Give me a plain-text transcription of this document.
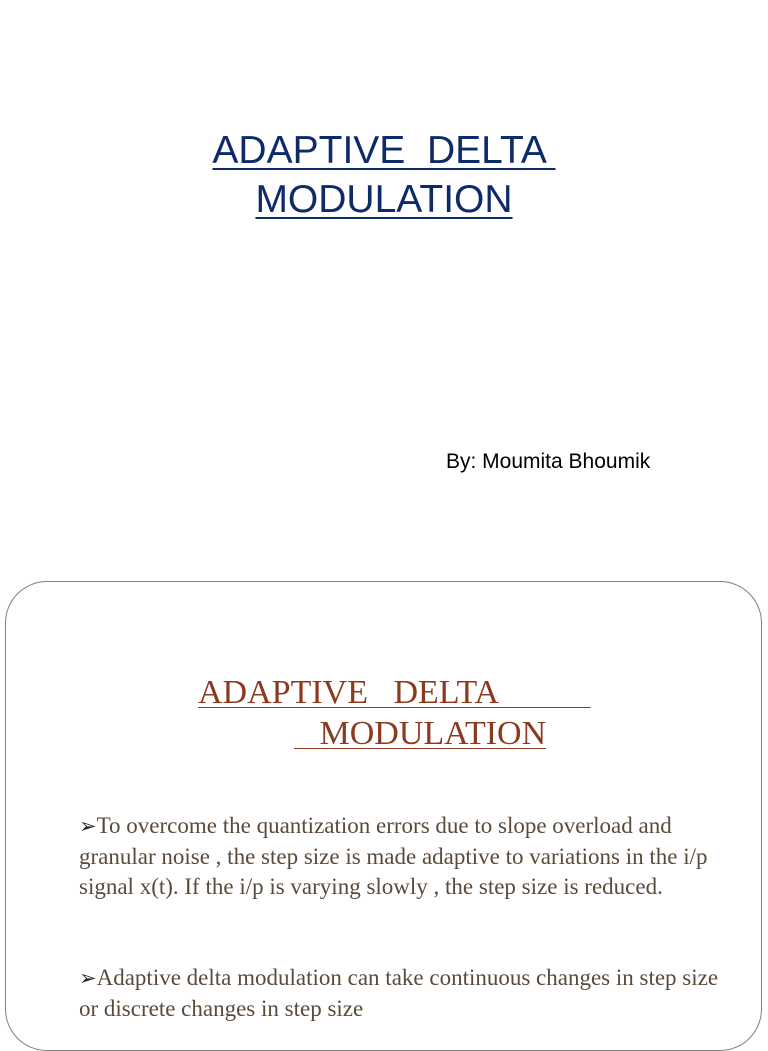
ADAPTIVE  DELTA
MODULATION
By: Moumita Bhoumik
ADAPTIVE   DELTA
MODULATION
➢To overcome the quantization errors due to slope overload and granular noise , the step size is made adaptive to variations in the i/p signal x(t). If the i/p is varying slowly , the step size is reduced.
➢Adaptive delta modulation can take continuous changes in step size or discrete changes in step size
